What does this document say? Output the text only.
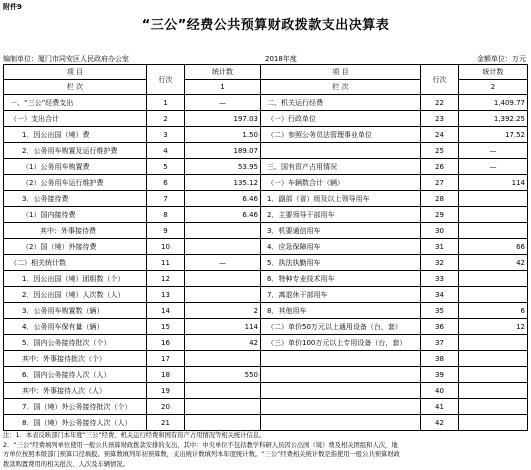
附件9
“三公”经费公共预算财政拨款支出决算表
编制单位：厦门市同安区人民政府办公室	2018年度	金额单位：万元
项 目	行次	统计数	项 目	行次	统计数
栏 次		1	栏 次		2
一、“三公”经费支出	1	—	二、机关运行经费	22	1,409.77
（一）支出合计	2	197.03	（一）行政单位	23	1,392.25
1．因公出国（境）费	3	1.50	（二）参照公务员法管理事业单位	24	17.52
2．公务用车购置及运行维护费	4	189.07		25	—
（1）公务用车购置费	5	53.95	三、国有资产占用情况	26	—
（2）公务用车运行维护费	6	135.12	（一）车辆数合计（辆）	27	114
3．公务接待费	7	6.46	1．副部（省）级及以上领导用车	28	
（1）国内接待费	8	6.46	2．主要领导干部用车	29	
其中：外事接待费	9		3．机要通信用车	30	
（2）国（境）外接待费	10		4．应急保障用车	31	66
（二）相关统计数	11	—	5．执法执勤用车	32	42
1．因公出国（境）团组数（个）	12		6．特种专业技术用车	33	
2．因公出国（境）人次数（人）	13		7．离退休干部用车	34	
3．公务用车购置数（辆）	14	2	8．其他用车	35	6
4．公务用车保有量（辆）	15	114	（二）单价50万元以上通用设备（台，套）	36	12
5．国内公务接待批次（个）	16	42	（三）单价100万元以上专用设备（台，套）	37	
其中：外事接待批次（个）	17			38	
6．国内公务接待人次（人）	18	550		39	
其中：外事接待人次（人）	19			40	
7．国（境）外公务接待批次（个）	20			41	
8．国（境）外公务接待人次（人）	21			42	
注：1．本表反映部门本年度“三公”经费、机关运行经费和国有资产占用情况等相关统计信息。
2．“三公”经费填列单位使用一般公共预算财政拨款安排的支出，其中：中央单位不包括教学科研人员因公出国（境）费及相关团组和人次，地
方单位按照本级部门预算口径填报。预算数填列年初预算数，支出统计数填列本年度统计数。“三公”经费相关统计数是指使用一般公共预算财政
拨款购置费用的相关批次、人次及车辆情况。
